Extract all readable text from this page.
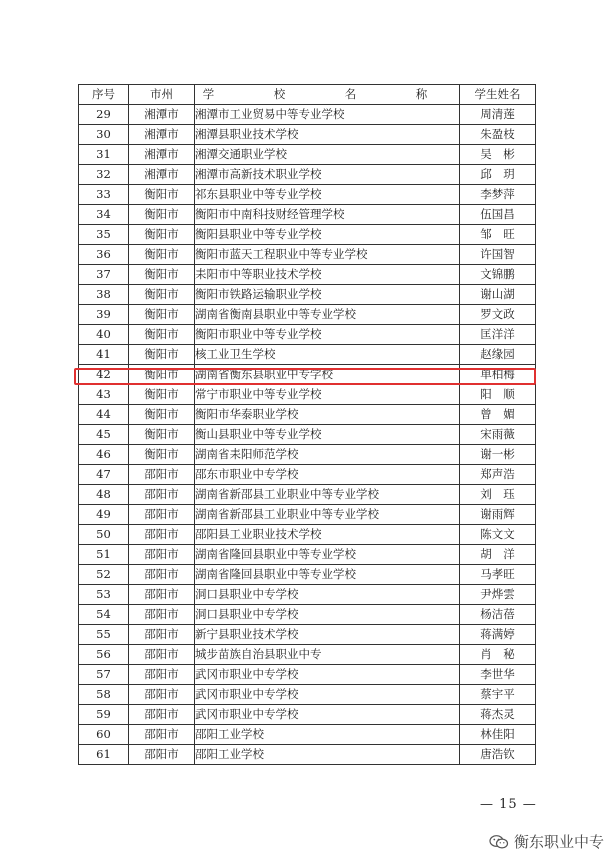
序号	市州	学　校　名　称	学生姓名
29	湘潭市	湘潭市工业贸易中等专业学校	周清莲
30	湘潭市	湘潭县职业技术学校	朱盈枝
31	湘潭市	湘潭交通职业学校	吴　彬
32	湘潭市	湘潭市高新技术职业学校	邱　玥
33	衡阳市	祁东县职业中等专业学校	李梦萍
34	衡阳市	衡阳市中南科技财经管理学校	伍国昌
35	衡阳市	衡阳县职业中等专业学校	邹　旺
36	衡阳市	衡阳市蓝天工程职业中等专业学校	许国智
37	衡阳市	耒阳市中等职业技术学校	文锦鹏
38	衡阳市	衡阳市铁路运输职业学校	谢山湖
39	衡阳市	湖南省衡南县职业中等专业学校	罗文政
40	衡阳市	衡阳市职业中等专业学校	匡洋洋
41	衡阳市	核工业卫生学校	赵缘园
42	衡阳市	湖南省衡东县职业中专学校	单柏梅
43	衡阳市	常宁市职业中等专业学校	阳　顺
44	衡阳市	衡阳市华泰职业学校	曾　媚
45	衡阳市	衡山县职业中等专业学校	宋雨薇
46	衡阳市	湖南省耒阳师范学校	谢一彬
47	邵阳市	邵东市职业中专学校	郑声浩
48	邵阳市	湖南省新邵县工业职业中等专业学校	刘　珏
49	邵阳市	湖南省新邵县工业职业中等专业学校	谢雨辉
50	邵阳市	邵阳县工业职业技术学校	陈文文
51	邵阳市	湖南省隆回县职业中等专业学校	胡　洋
52	邵阳市	湖南省隆回县职业中等专业学校	马孝旺
53	邵阳市	洞口县职业中专学校	尹烨雲
54	邵阳市	洞口县职业中专学校	杨洁蓓
55	邵阳市	新宁县职业技术学校	蒋满婷
56	邵阳市	城步苗族自治县职业中专	肖　秘
57	邵阳市	武冈市职业中专学校	李世华
58	邵阳市	武冈市职业中专学校	蔡宇平
59	邵阳市	武冈市职业中专学校	蒋杰灵
60	邵阳市	邵阳工业学校	林佳阳
61	邵阳市	邵阳工业学校	唐浩钦
— 15 —
衡东职业中专
